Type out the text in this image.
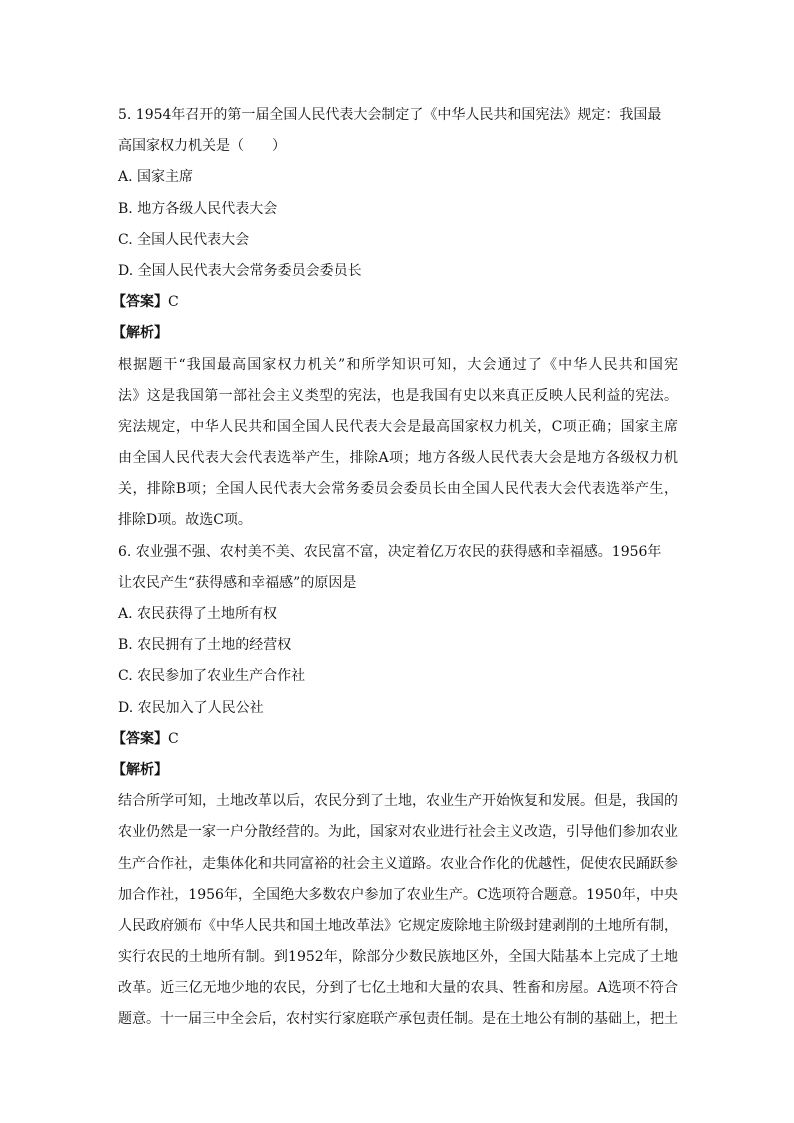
5. 1954年召开的第一届全国人民代表大会制定了《中华人民共和国宪法》规定：我国最
高国家权力机关是（　　）
A. 国家主席
B. 地方各级人民代表大会
C. 全国人民代表大会
D. 全国人民代表大会常务委员会委员长
【答案】C
【解析】
根据题干“我国最高国家权力机关”和所学知识可知，大会通过了《中华人民共和国宪
法》这是我国第一部社会主义类型的宪法，也是我国有史以来真正反映人民利益的宪法。
宪法规定，中华人民共和国全国人民代表大会是最高国家权力机关，C项正确；国家主席
由全国人民代表大会代表选举产生，排除A项；地方各级人民代表大会是地方各级权力机
关，排除B项；全国人民代表大会常务委员会委员长由全国人民代表大会代表选举产生，
排除D项。故选C项。
6. 农业强不强、农村美不美、农民富不富，决定着亿万农民的获得感和幸福感。1956年
让农民产生“获得感和幸福感”的原因是
A. 农民获得了土地所有权
B. 农民拥有了土地的经营权
C. 农民参加了农业生产合作社
D. 农民加入了人民公社
【答案】C
【解析】
结合所学可知，土地改革以后，农民分到了土地，农业生产开始恢复和发展。但是，我国的
农业仍然是一家一户分散经营的。为此，国家对农业进行社会主义改造，引导他们参加农业
生产合作社，走集体化和共同富裕的社会主义道路。农业合作化的优越性，促使农民踊跃参
加合作社，1956年，全国绝大多数农户参加了农业生产。C选项符合题意。1950年，中央
人民政府颁布《中华人民共和国土地改革法》它规定废除地主阶级封建剥削的土地所有制，
实行农民的土地所有制。到1952年，除部分少数民族地区外，全国大陆基本上完成了土地
改革。近三亿无地少地的农民，分到了七亿土地和大量的农具、牲畜和房屋。A选项不符合
题意。十一届三中全会后，农村实行家庭联产承包责任制。是在土地公有制的基础上，把土
